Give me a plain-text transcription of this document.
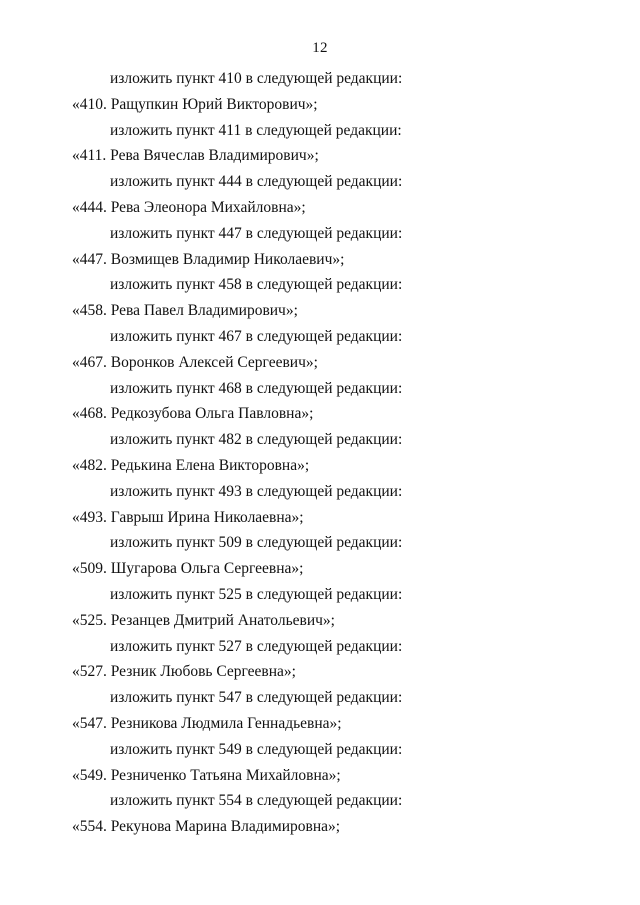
12
изложить пункт 410 в следующей редакции:
«410. Ращупкин Юрий Викторович»;
изложить пункт 411 в следующей редакции:
«411. Рева Вячеслав Владимирович»;
изложить пункт 444 в следующей редакции:
«444. Рева Элеонора Михайловна»;
изложить пункт 447 в следующей редакции:
«447. Возмищев Владимир Николаевич»;
изложить пункт 458 в следующей редакции:
«458. Рева Павел Владимирович»;
изложить пункт 467 в следующей редакции:
«467. Воронков Алексей Сергеевич»;
изложить пункт 468 в следующей редакции:
«468. Редкозубова Ольга Павловна»;
изложить пункт 482 в следующей редакции:
«482. Редькина Елена Викторовна»;
изложить пункт 493 в следующей редакции:
«493. Гаврыш Ирина Николаевна»;
изложить пункт 509 в следующей редакции:
«509. Шугарова Ольга Сергеевна»;
изложить пункт 525 в следующей редакции:
«525. Резанцев Дмитрий Анатольевич»;
изложить пункт 527 в следующей редакции:
«527. Резник Любовь Сергеевна»;
изложить пункт 547 в следующей редакции:
«547. Резникова Людмила Геннадьевна»;
изложить пункт 549 в следующей редакции:
«549. Резниченко Татьяна Михайловна»;
изложить пункт 554 в следующей редакции:
«554. Рекунова Марина Владимировна»;
